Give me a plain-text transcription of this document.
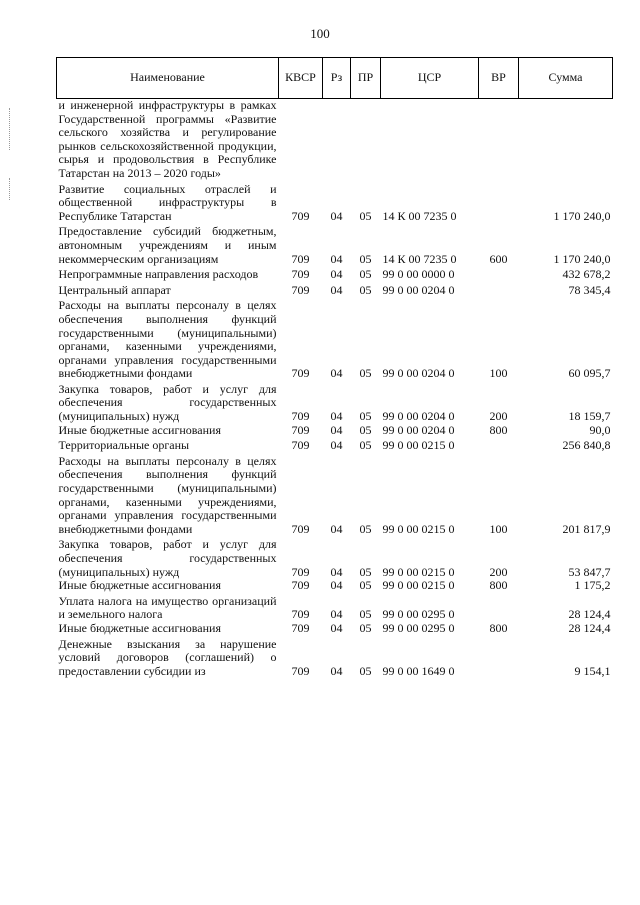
100
Наименование	КВСР	Рз	ПР	ЦСР	ВР	Сумма
и инженерной инфраструктуры в рамках Государственной программы «Развитие сельского хозяйства и регулирование рынков сельскохозяйственной продукции, сырья и продовольствия в Республике Татарстан на 2013 – 2020 годы»						
Развитие социальных отраслей и общественной инфраструктуры в Республике Татарстан	709	04	05	14 К 00 7235 0		1 170 240,0
Предоставление субсидий бюджетным, автономным учреждениям и иным некоммерческим организациям	709	04	05	14 К 00 7235 0	600	1 170 240,0
Непрограммные направления расходов	709	04	05	99 0 00 0000 0		432 678,2
Центральный аппарат	709	04	05	99 0 00 0204 0		78 345,4
Расходы на выплаты персоналу в целях обеспечения выполнения функций государственными (муниципальными) органами, казенными учреждениями, органами управления государственными внебюджетными фондами	709	04	05	99 0 00 0204 0	100	60 095,7
Закупка товаров, работ и услуг для обеспечения государственных (муниципальных) нужд	709	04	05	99 0 00 0204 0	200	18 159,7
Иные бюджетные ассигнования	709	04	05	99 0 00 0204 0	800	90,0
Территориальные органы	709	04	05	99 0 00 0215 0		256 840,8
Расходы на выплаты персоналу в целях обеспечения выполнения функций государственными (муниципальными) органами, казенными учреждениями, органами управления государственными внебюджетными фондами	709	04	05	99 0 00 0215 0	100	201 817,9
Закупка товаров, работ и услуг для обеспечения государственных (муниципальных) нужд	709	04	05	99 0 00 0215 0	200	53 847,7
Иные бюджетные ассигнования	709	04	05	99 0 00 0215 0	800	1 175,2
Уплата налога на имущество организаций и земельного налога	709	04	05	99 0 00 0295 0		28 124,4
Иные бюджетные ассигнования	709	04	05	99 0 00 0295 0	800	28 124,4
Денежные взыскания за нарушение условий договоров (соглашений) о предоставлении субсидии из	709	04	05	99 0 00 1649 0		9 154,1
